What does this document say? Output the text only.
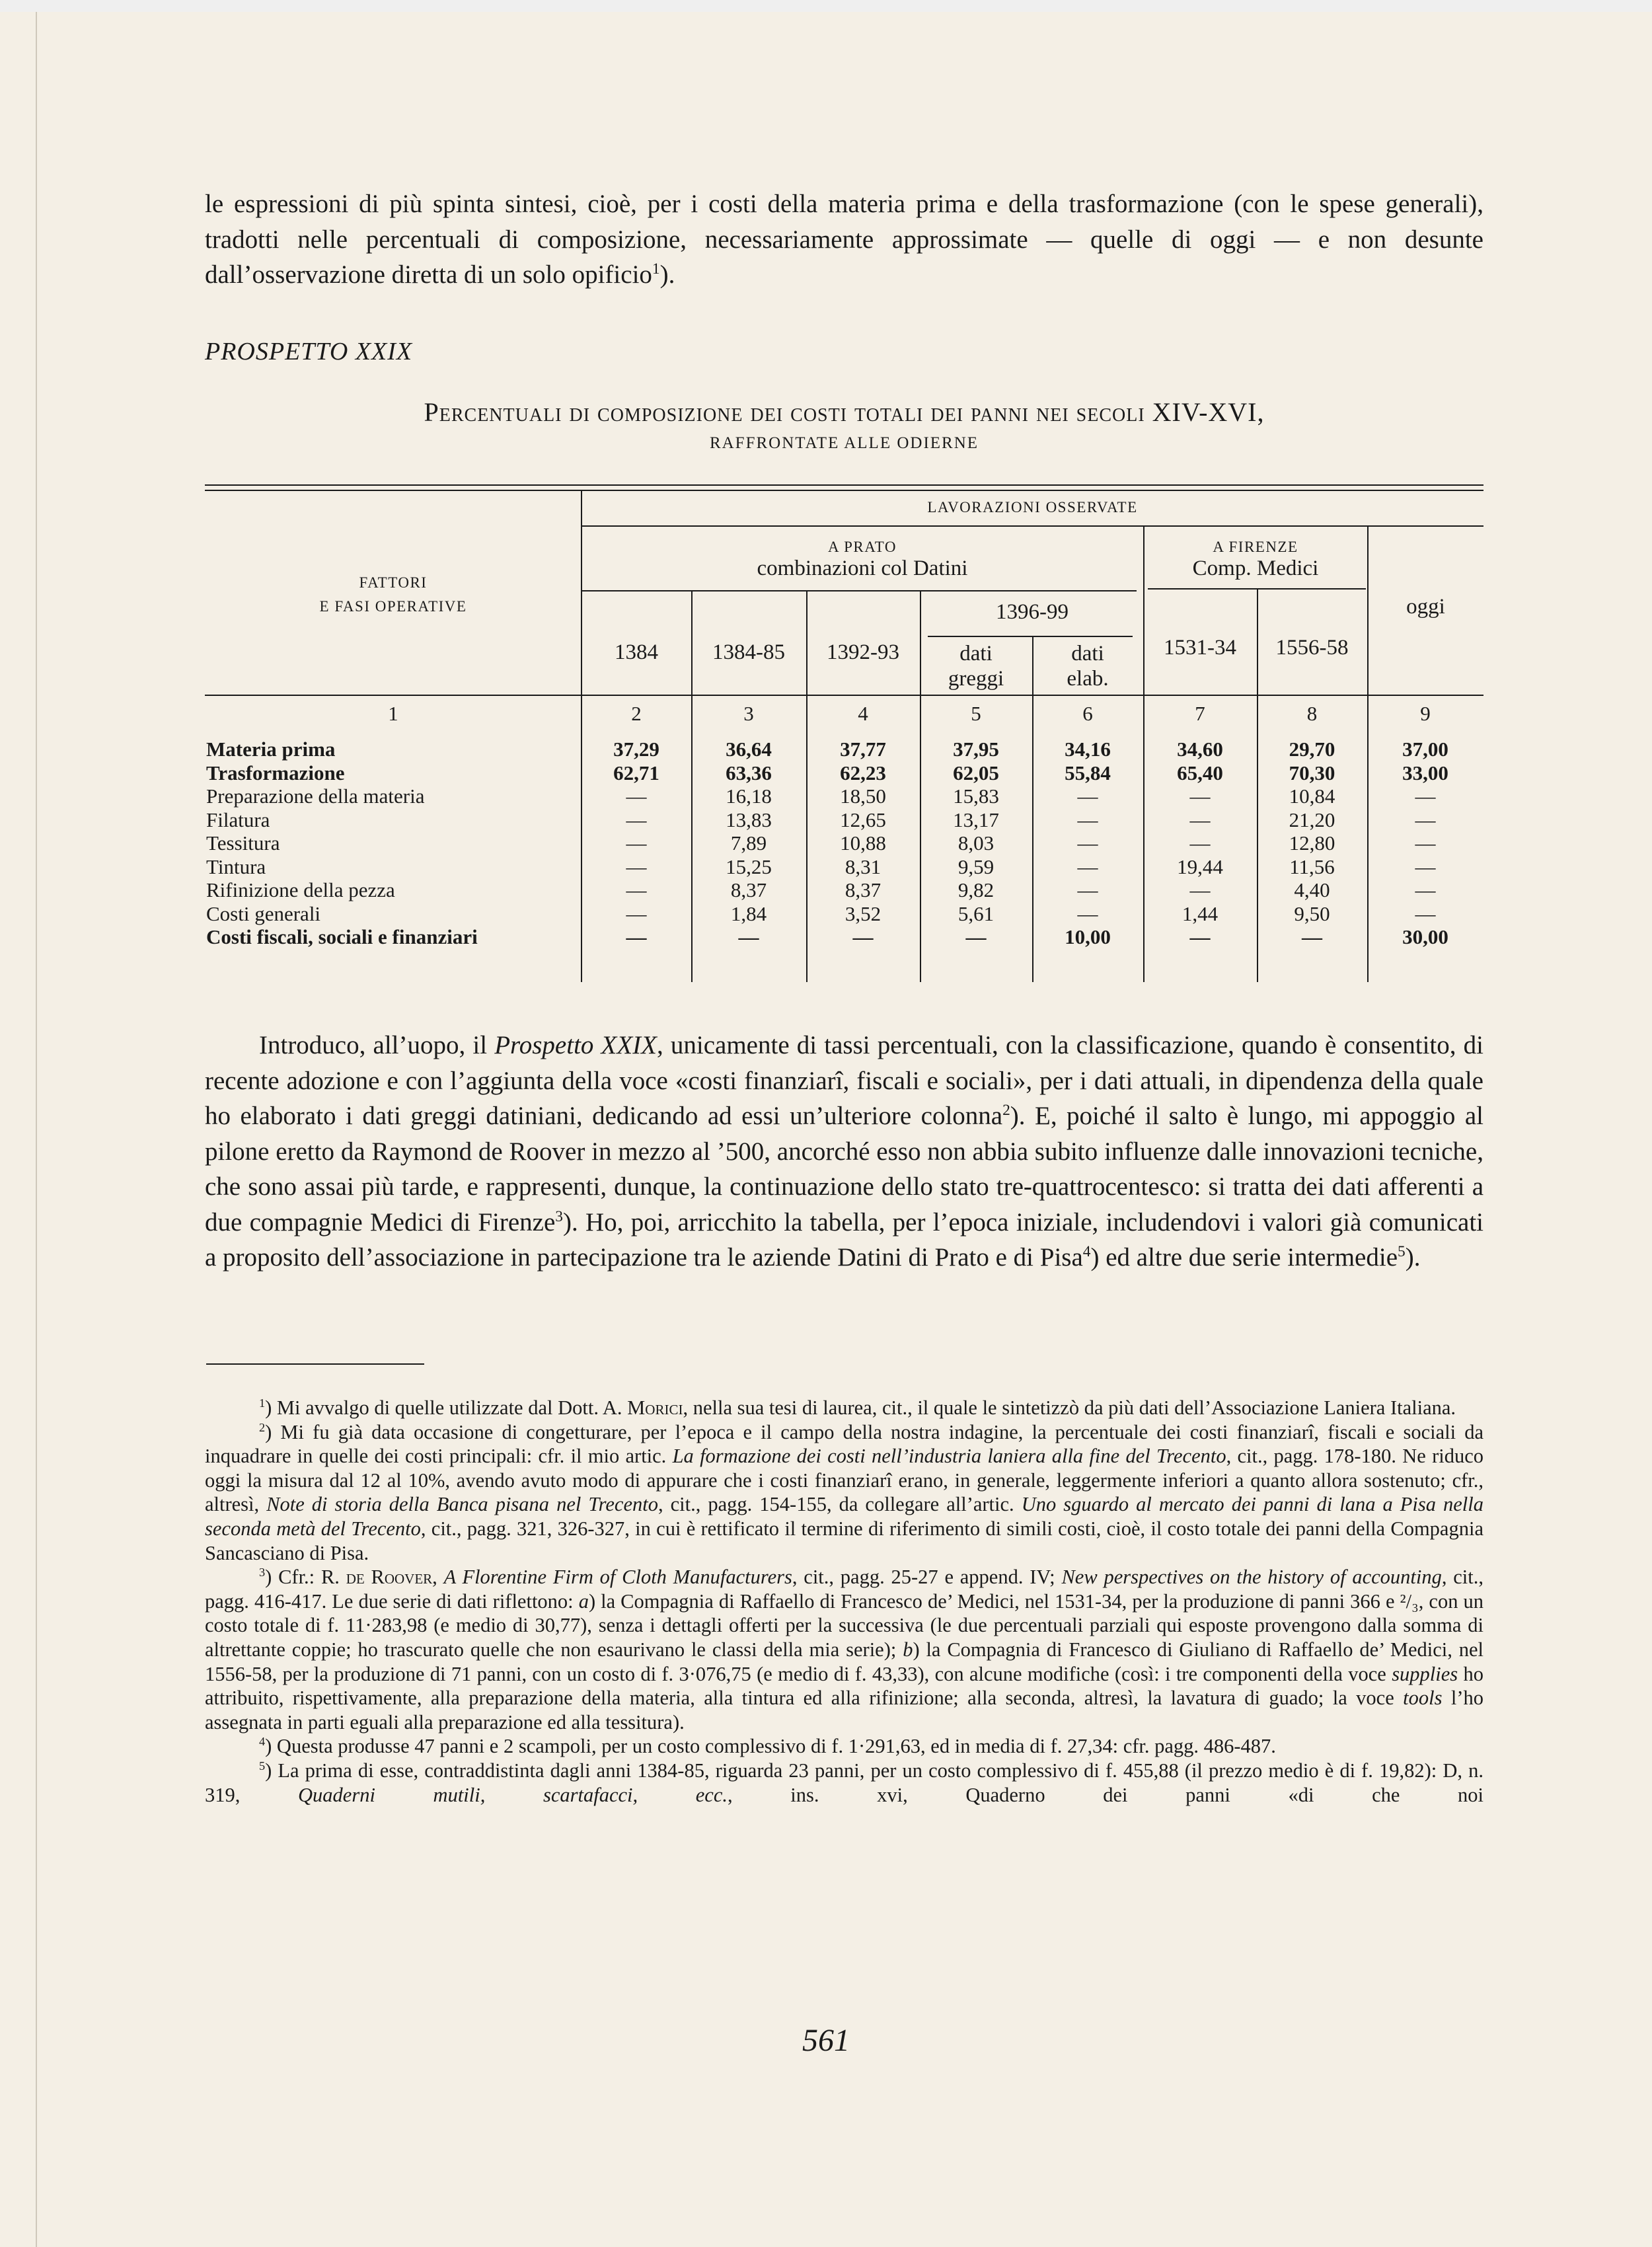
le espressioni di più spinta sintesi, cioè, per i costi della materia prima e della trasformazione (con le spese generali), tradotti nelle percentuali di composizione, necessariamente approssimate — quelle di oggi — e non desunte dall’osservazione diretta di un solo opificio$^1$).

PROSPETTO XXIX
Percentuali di composizione dei costi totali dei panni nei secoli XIV-XVI,
RAFFRONTATE ALLE ODIERNE
FATTORI
E FASI OPERATIVE
LAVORAZIONI OSSERVATE
A PRATO
combinazioni col Datini
A FIRENZE
Comp. Medici
oggi
1396-99
1384	1384-85	1392-93	dati greggi
dati elab.
1531-34	1556-58
1	2	3	4	5	6	7	8	9
Materia prima	37,29	36,64	37,77	37,95	34,16	34,60	29,70	37,00
Trasformazione	62,71	63,36	62,23	62,05	55,84	65,40	70,30	33,00
Preparazione della materia	—	16,18	18,50	15,83	—	—	10,84	—
Filatura	—	13,83	12,65	13,17	—	—	21,20	—
Tessitura	—	7,89	10,88	8,03	—	—	12,80	—
Tintura	—	15,25	8,31	9,59	—	19,44	11,56	—
Rifinizione della pezza	—	8,37	8,37	9,82	—	—	4,40	—
Costi generali	—	1,84	3,52	5,61	—	1,44	9,50	—
Costi fiscali, sociali e finanziari	—	—	—	—	10,00	—	—	30,00

Introduco, all’uopo, il Prospetto XXIX, unicamente di tassi percentuali, con la classificazione, quando è consentito, di recente adozione e con l’aggiunta della voce «costi finanziarî, fiscali e sociali», per i dati attuali, in dipendenza della quale ho elaborato i dati greggi datiniani, dedicando ad essi un’ulteriore colonna$^2$). E, poiché il salto è lungo, mi appoggio al pilone eretto da Raymond de Roover in mezzo al ’500, ancorché esso non abbia subito influenze dalle innovazioni tecniche, che sono assai più tarde, e rappresenti, dunque, la continuazione dello stato tre-quattrocentesco: si tratta dei dati afferenti a due compagnie Medici di Firenze$^3$). Ho, poi, arricchito la tabella, per l’epoca iniziale, includendovi i valori già comunicati a proposito dell’associazione in partecipazione tra le aziende Datini di Prato e di Pisa$^4$) ed altre due serie intermedie$^5$).

$^1$) Mi avvalgo di quelle utilizzate dal Dott. A. Morici, nella sua tesi di laurea, cit., il quale le sintetizzò da più dati dell’Associazione Laniera Italiana.

$^2$) Mi fu già data occasione di congetturare, per l’epoca e il campo della nostra indagine, la percentuale dei costi finanziarî, fiscali e sociali da inquadrare in quelle dei costi principali: cfr. il mio artic. La formazione dei costi nell’industria laniera alla fine del Trecento, cit., pagg. 178-180. Ne riduco oggi la misura dal 12 al 10%, avendo avuto modo di appurare che i costi finanziarî erano, in generale, leggermente inferiori a quanto allora sostenuto; cfr., altresì, Note di storia della Banca pisana nel Trecento, cit., pagg. 154-155, da collegare all’artic. Uno sguardo al mercato dei panni di lana a Pisa nella seconda metà del Trecento, cit., pagg. 321, 326-327, in cui è rettificato il termine di riferimento di simili costi, cioè, il costo totale dei panni della Compagnia Sancasciano di Pisa.

$^3$) Cfr.: R. de Roover, A Florentine Firm of Cloth Manufacturers, cit., pagg. 25-27 e append. IV; New perspectives on the history of accounting, cit., pagg. 416-417. Le due serie di dati riflettono: a) la Compagnia di Raffaello di Francesco de’ Medici, nel 1531-34, per la produzione di panni 366 e ²/₃, con un costo totale di f. 11·283,98 (e medio di 30,77), senza i dettagli offerti per la successiva (le due percentuali parziali qui esposte provengono dalla somma di altrettante coppie; ho trascurato quelle che non esaurivano le classi della mia serie); b) la Compagnia di Francesco di Giuliano di Raffaello de’ Medici, nel 1556-58, per la produzione di 71 panni, con un costo di f. 3·076,75 (e medio di f. 43,33), con alcune modifiche (così: i tre componenti della voce supplies ho attribuito, rispettivamente, alla preparazione della materia, alla tintura ed alla rifinizione; alla seconda, altresì, la lavatura di guado; la voce tools l’ho assegnata in parti eguali alla preparazione ed alla tessitura).

$^4$) Questa produsse 47 panni e 2 scampoli, per un costo complessivo di f. 1·291,63, ed in media di f. 27,34: cfr. pagg. 486-487.

$^5$) La prima di esse, contraddistinta dagli anni 1384-85, riguarda 23 panni, per un costo complessivo di f. 455,88 (il prezzo medio è di f. 19,82): D, n. 319, Quaderni mutili, scartafacci, ecc., ins. xvi, Quaderno dei panni «di che noi

561
